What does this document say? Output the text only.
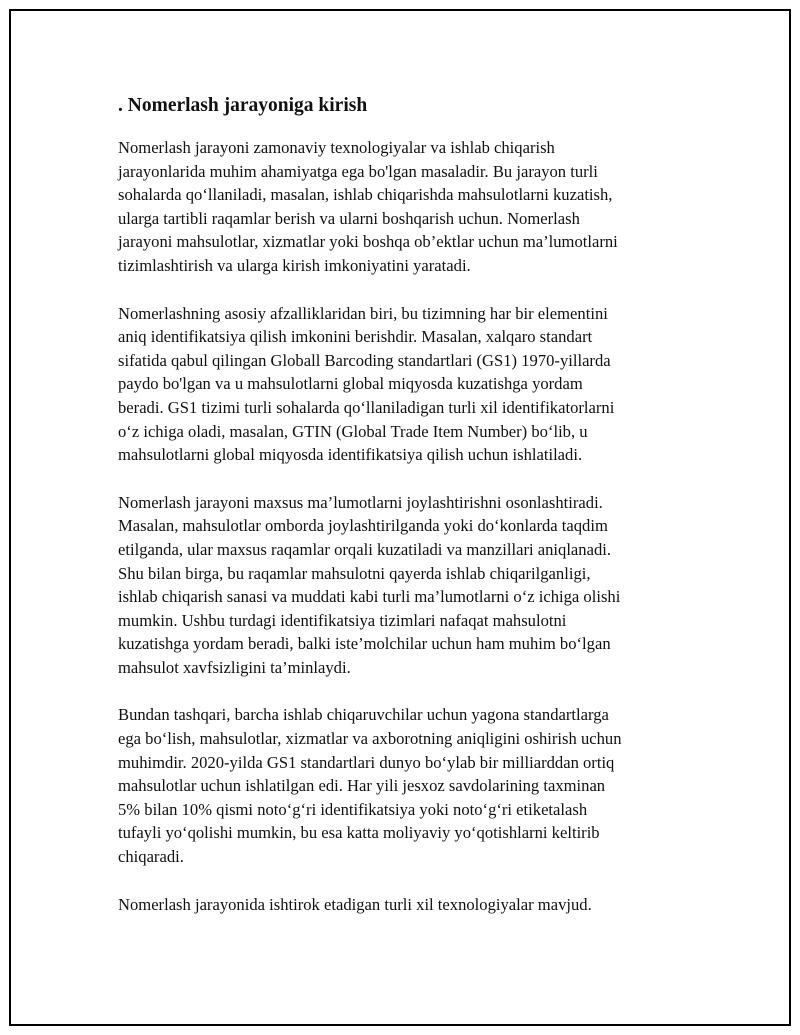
. Nomerlash jarayoniga kirish
Nomerlash jarayoni zamonaviy texnologiyalar va ishlab chiqarish
jarayonlarida muhim ahamiyatga ega bo'lgan masaladir. Bu jarayon turli
sohalarda qo‘llaniladi, masalan, ishlab chiqarishda mahsulotlarni kuzatish,
ularga tartibli raqamlar berish va ularni boshqarish uchun. Nomerlash
jarayoni mahsulotlar, xizmatlar yoki boshqa ob’ektlar uchun ma’lumotlarni
tizimlashtirish va ularga kirish imkoniyatini yaratadi.
Nomerlashning asosiy afzalliklaridan biri, bu tizimning har bir elementini
aniq identifikatsiya qilish imkonini berishdir. Masalan, xalqaro standart
sifatida qabul qilingan Globall Barcoding standartlari (GS1) 1970-yillarda
paydo bo'lgan va u mahsulotlarni global miqyosda kuzatishga yordam
beradi. GS1 tizimi turli sohalarda qo‘llaniladigan turli xil identifikatorlarni
o‘z ichiga oladi, masalan, GTIN (Global Trade Item Number) bo‘lib, u
mahsulotlarni global miqyosda identifikatsiya qilish uchun ishlatiladi.
Nomerlash jarayoni maxsus ma’lumotlarni joylashtirishni osonlashtiradi.
Masalan, mahsulotlar omborda joylashtirilganda yoki do‘konlarda taqdim
etilganda, ular maxsus raqamlar orqali kuzatiladi va manzillari aniqlanadi.
Shu bilan birga, bu raqamlar mahsulotni qayerda ishlab chiqarilganligi,
ishlab chiqarish sanasi va muddati kabi turli ma’lumotlarni o‘z ichiga olishi
mumkin. Ushbu turdagi identifikatsiya tizimlari nafaqat mahsulotni
kuzatishga yordam beradi, balki iste’molchilar uchun ham muhim bo‘lgan
mahsulot xavfsizligini ta’minlaydi.
Bundan tashqari, barcha ishlab chiqaruvchilar uchun yagona standartlarga
ega bo‘lish, mahsulotlar, xizmatlar va axborotning aniqligini oshirish uchun
muhimdir. 2020-yilda GS1 standartlari dunyo bo‘ylab bir milliarddan ortiq
mahsulotlar uchun ishlatilgan edi. Har yili jesxoz savdolarining taxminan
5% bilan 10% qismi noto‘g‘ri identifikatsiya yoki noto‘g‘ri etiketalash
tufayli yo‘qolishi mumkin, bu esa katta moliyaviy yo‘qotishlarni keltirib
chiqaradi.
Nomerlash jarayonida ishtirok etadigan turli xil texnologiyalar mavjud.
